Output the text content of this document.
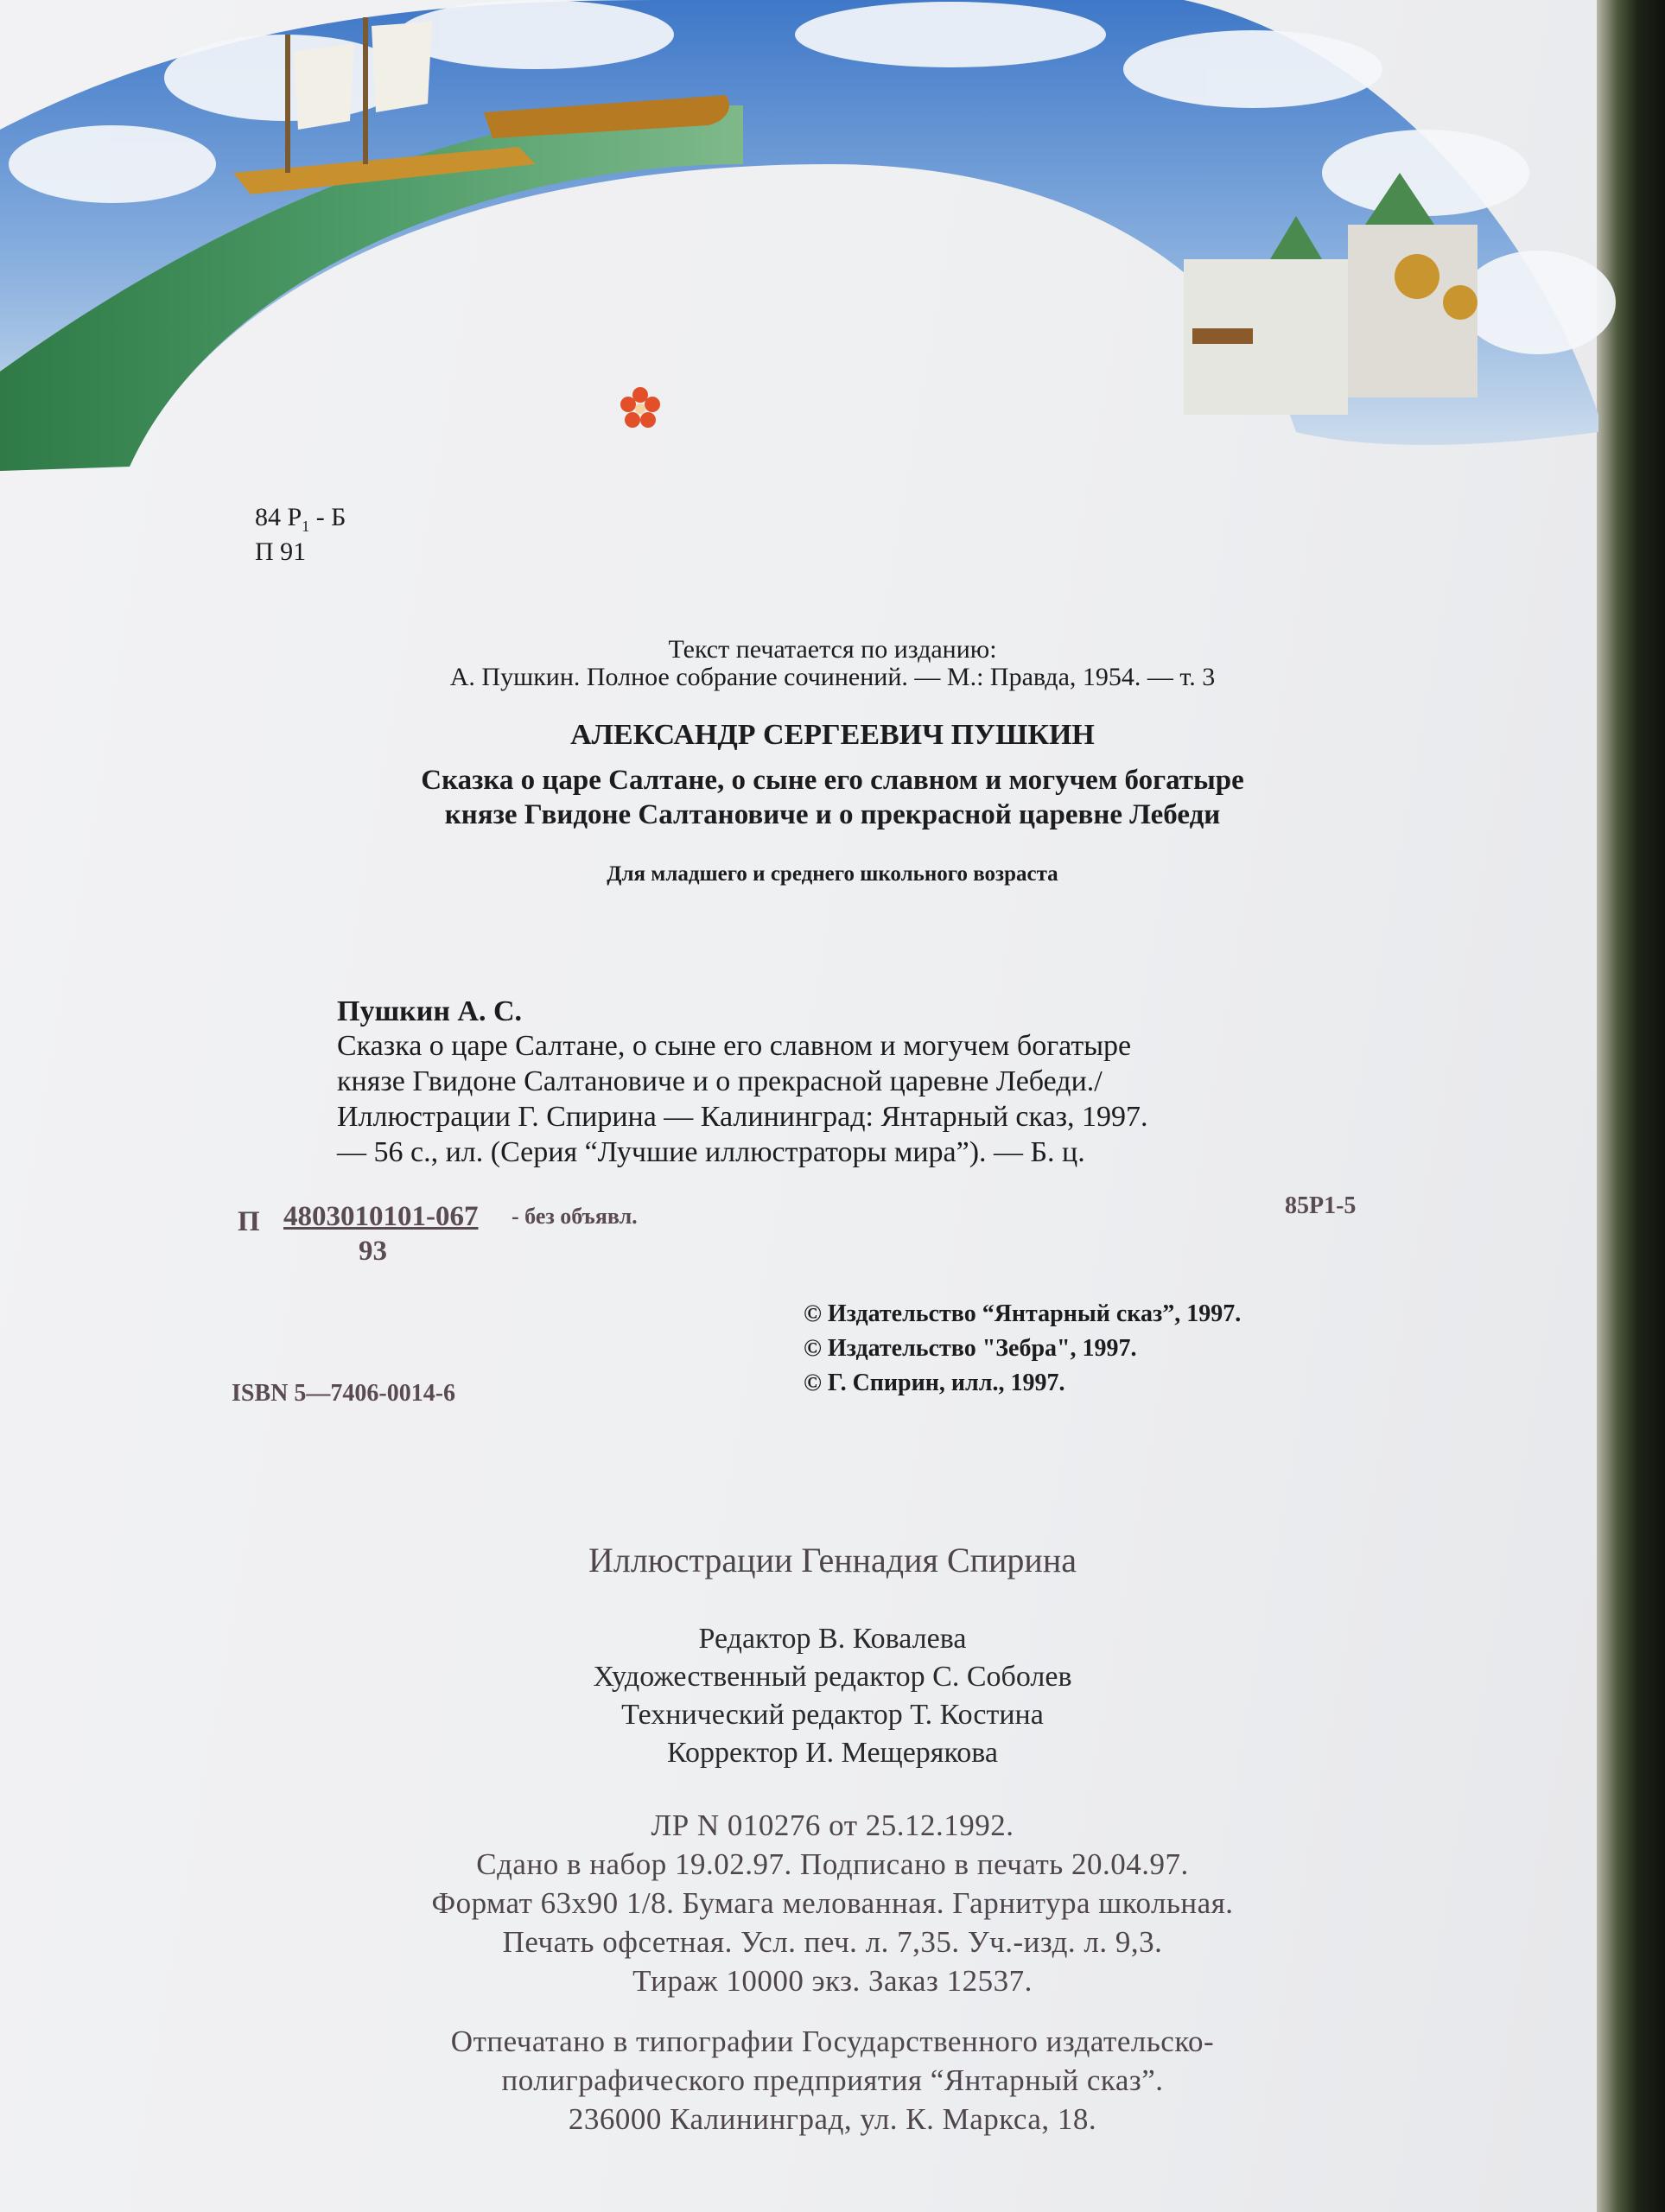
84 $Р_1$ - Б
П 91
Текст печатается по изданию:
А. Пушкин. Полное собрание сочинений. — М.: Правда, 1954. — т. 3
АЛЕКСАНДР СЕРГЕЕВИЧ ПУШКИН
Сказка о царе Салтане, о сыне его славном и могучем богатыре
князе Гвидоне Салтановиче и о прекрасной царевне Лебеди
Для младшего и среднего школьного возраста
Пушкин А. С.
Сказка о царе Салтане, о сыне его славном и могучем богатыре
князе Гвидоне Салтановиче и о прекрасной царевне Лебеди./
Иллюстрации Г. Спирина — Калининград: Янтарный сказ, 1997.
— 56 с., ил. (Серия “Лучшие иллюстраторы мира”). — Б. ц.
П 4803010101-067
93
- без объявл.	85Р1-5
© Издательство “Янтарный сказ”, 1997.
© Издательство "Зебра", 1997.
© Г. Спирин, илл., 1997.
ISBN 5—7406-0014-6
Иллюстрации Геннадия Спирина
Редактор В. Ковалева
Художественный редактор С. Соболев
Технический редактор Т. Костина
Корректор И. Мещерякова
ЛР N 010276 от 25.12.1992.
Сдано в набор 19.02.97. Подписано в печать 20.04.97.
Формат 63х90 1/8. Бумага мелованная. Гарнитура школьная.
Печать офсетная. Усл. печ. л. 7,35. Уч.-изд. л. 9,3.
Тираж 10000 экз. Заказ 12537.
Отпечатано в типографии Государственного издательско-
полиграфического предприятия “Янтарный сказ”.
236000 Калининград, ул. К. Маркса, 18.
